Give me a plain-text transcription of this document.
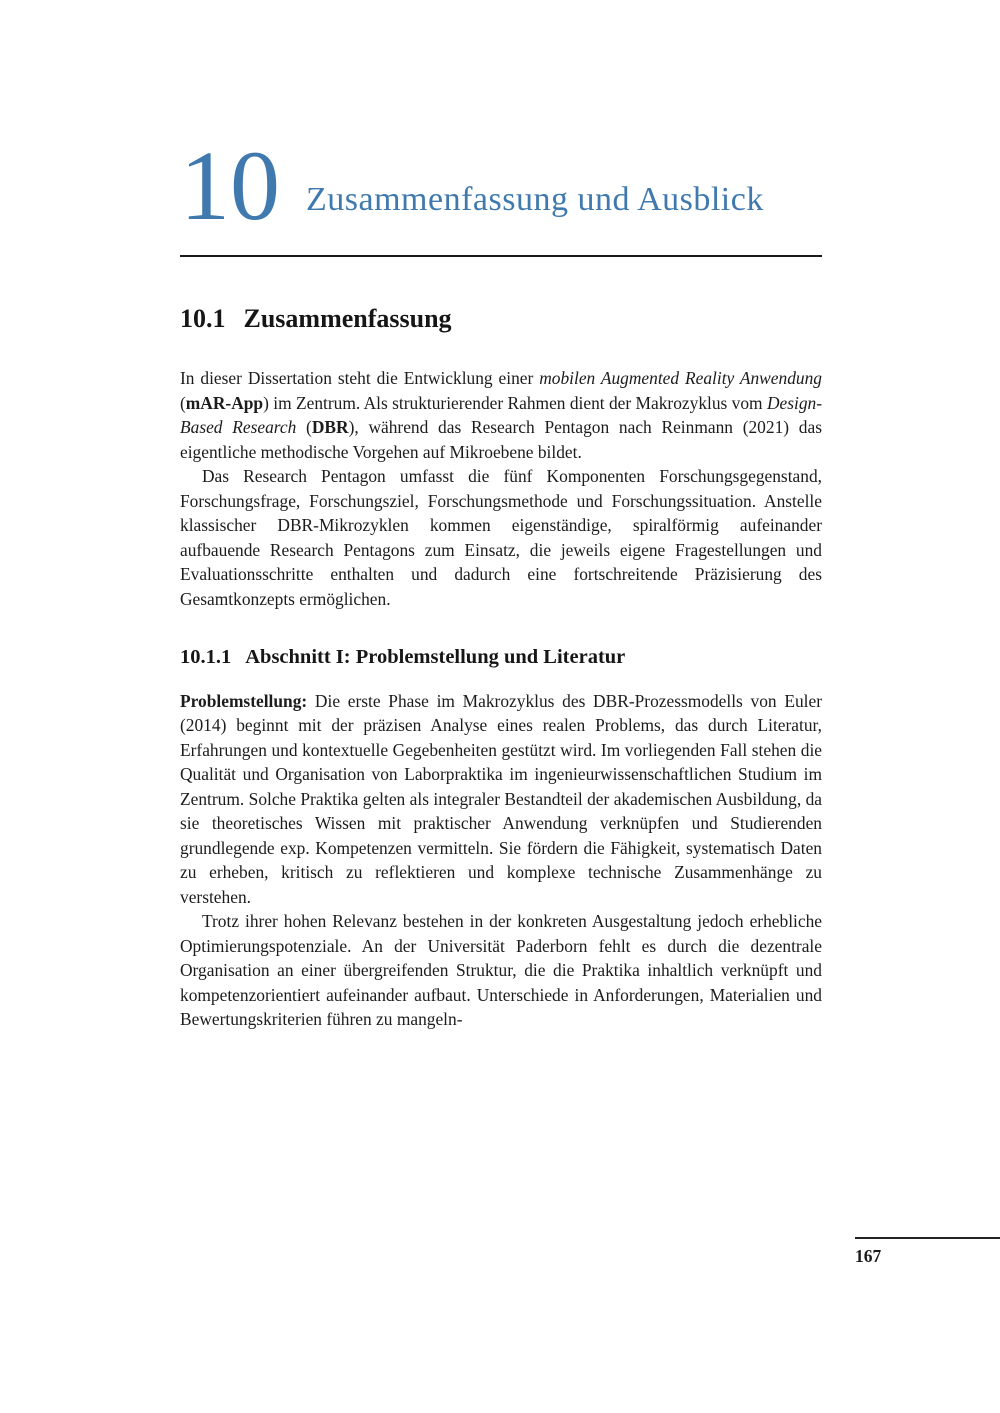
10 Zusammenfassung und Ausblick
10.1 Zusammenfassung

In dieser Dissertation steht die Entwicklung einer mobilen Augmented Reality Anwendung (mAR-App) im Zentrum. Als strukturierender Rahmen dient der Makrozyklus vom Design-Based Research (DBR), während das Research Pentagon nach Reinmann (2021) das eigentliche methodische Vorgehen auf Mikroebene bildet.

Das Research Pentagon umfasst die fünf Komponenten Forschungsgegenstand, Forschungsfrage, Forschungsziel, Forschungsmethode und Forschungssituation. Anstelle klassischer DBR-Mikrozyklen kommen eigenständige, spiralförmig aufeinander aufbauende Research Pentagons zum Einsatz, die jeweils eigene Fragestellungen und Evaluationsschritte enthalten und dadurch eine fortschreitende Präzisierung des Gesamtkonzepts ermöglichen.

10.1.1 Abschnitt I: Problemstellung und Literatur

Problemstellung: Die erste Phase im Makrozyklus des DBR-Prozessmodells von Euler (2014) beginnt mit der präzisen Analyse eines realen Problems, das durch Literatur, Erfahrungen und kontextuelle Gegebenheiten gestützt wird. Im vorliegenden Fall stehen die Qualität und Organisation von Laborpraktika im ingenieurwissenschaftlichen Studium im Zentrum. Solche Praktika gelten als integraler Bestandteil der akademischen Ausbildung, da sie theoretisches Wissen mit praktischer Anwendung verknüpfen und Studierenden grundlegende exp. Kompetenzen vermitteln. Sie fördern die Fähigkeit, systematisch Daten zu erheben, kritisch zu reflektieren und komplexe technische Zusammenhänge zu verstehen.

Trotz ihrer hohen Relevanz bestehen in der konkreten Ausgestaltung jedoch erhebliche Optimierungspotenziale. An der Universität Paderborn fehlt es durch die dezentrale Organisation an einer übergreifenden Struktur, die die Praktika inhaltlich verknüpft und kompetenzorientiert aufeinander aufbaut. Unterschiede in Anforderungen, Materialien und Bewertungskriterien führen zu mangeln-

167
